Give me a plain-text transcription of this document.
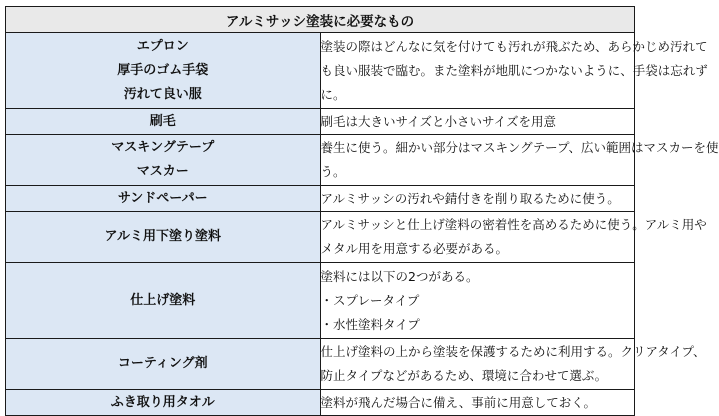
アルミサッシ塗装に必要なもの	

エプロン
厚手のゴム手袋
汚れて良い服	塗装の際はどんなに気を付けても汚れが飛ぶため、あらかじめ汚れて
も良い服装で臨む。また塗料が地肌につかないように、手袋は忘れず
に。

刷毛	刷毛は大きいサイズと小さいサイズを用意

マスキングテープ
マスカー	養生に使う。細かい部分はマスキングテープ、広い範囲はマスカーを使
う。

サンドペーパー	アルミサッシの汚れや錆付きを削り取るために使う。

アルミ用下塗り塗料	アルミサッシと仕上げ塗料の密着性を高めるために使う。アルミ用や
メタル用を用意する必要がある。

仕上げ塗料	塗料には以下の2つがある。
・スプレータイプ
・水性塗料タイプ

コーティング剤	仕上げ塗料の上から塗装を保護するために利用する。クリアタイプ、
防止タイプなどがあるため、環境に合わせて選ぶ。

ふき取り用タオル	塗料が飛んだ場合に備え、事前に用意しておく。
